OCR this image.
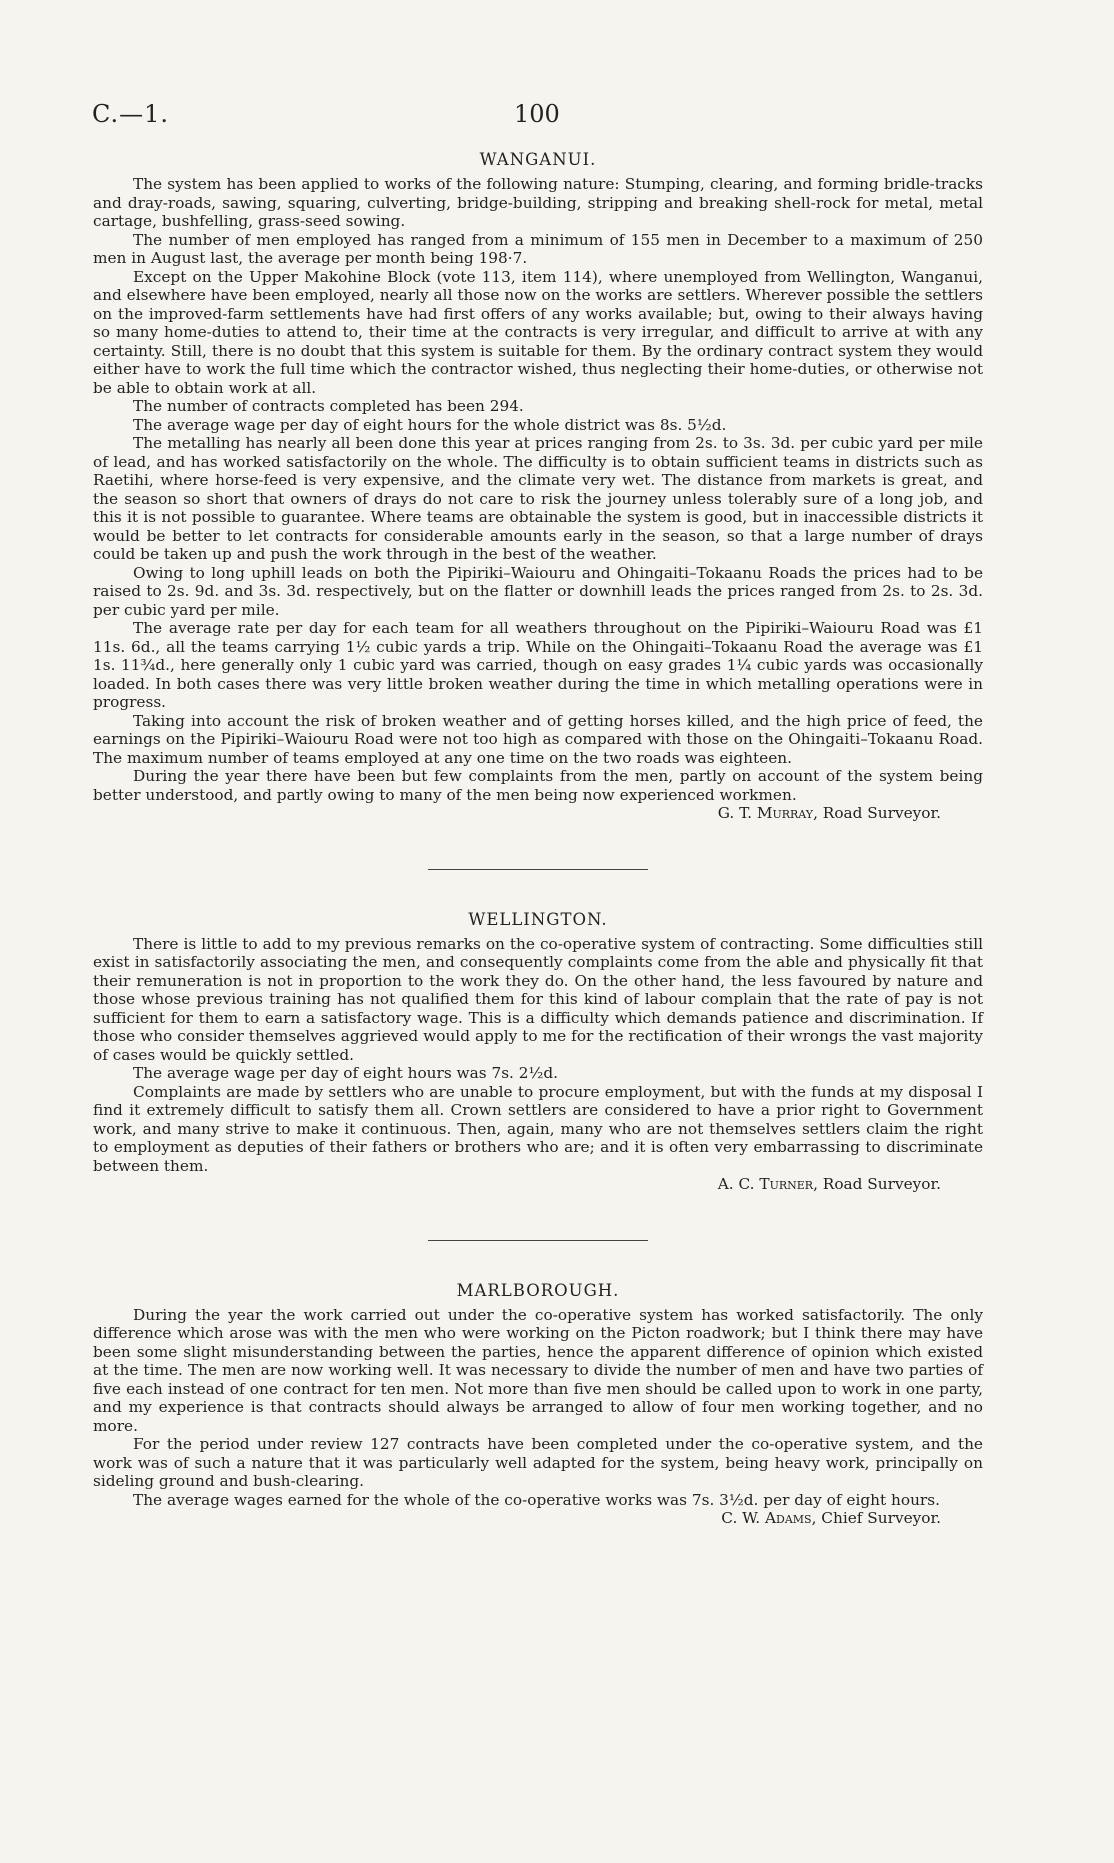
C.—1.	100
WANGANUI.

The system has been applied to works of the following nature: Stumping, clearing, and forming bridle-tracks and dray-roads, sawing, squaring, culverting, bridge-building, stripping and breaking shell-rock for metal, metal cartage, bushfelling, grass-seed sowing.

The number of men employed has ranged from a minimum of 155 men in December to a maximum of 250 men in August last, the average per month being 198·7.

Except on the Upper Makohine Block (vote 113, item 114), where unemployed from Wellington, Wanganui, and elsewhere have been employed, nearly all those now on the works are settlers. Wherever possible the settlers on the improved-farm settlements have had first offers of any works available; but, owing to their always having so many home-duties to attend to, their time at the contracts is very irregular, and difficult to arrive at with any certainty. Still, there is no doubt that this system is suitable for them. By the ordinary contract system they would either have to work the full time which the contractor wished, thus neglecting their home-duties, or otherwise not be able to obtain work at all.

The number of contracts completed has been 294.

The average wage per day of eight hours for the whole district was 8s. 5½d.

The metalling has nearly all been done this year at prices ranging from 2s. to 3s. 3d. per cubic yard per mile of lead, and has worked satisfactorily on the whole. The difficulty is to obtain sufficient teams in districts such as Raetihi, where horse-feed is very expensive, and the climate very wet. The distance from markets is great, and the season so short that owners of drays do not care to risk the journey unless tolerably sure of a long job, and this it is not possible to guarantee. Where teams are obtainable the system is good, but in inaccessible districts it would be better to let contracts for considerable amounts early in the season, so that a large number of drays could be taken up and push the work through in the best of the weather.

Owing to long uphill leads on both the Pipiriki–Waiouru and Ohingaiti–Tokaanu Roads the prices had to be raised to 2s. 9d. and 3s. 3d. respectively, but on the flatter or downhill leads the prices ranged from 2s. to 2s. 3d. per cubic yard per mile.

The average rate per day for each team for all weathers throughout on the Pipiriki–Waiouru Road was £1 11s. 6d., all the teams carrying 1½ cubic yards a trip. While on the Ohingaiti–Tokaanu Road the average was £1 1s. 11¾d., here generally only 1 cubic yard was carried, though on easy grades 1¼ cubic yards was occasionally loaded. In both cases there was very little broken weather during the time in which metalling operations were in progress.

Taking into account the risk of broken weather and of getting horses killed, and the high price of feed, the earnings on the Pipiriki–Waiouru Road were not too high as compared with those on the Ohingaiti–Tokaanu Road. The maximum number of teams employed at any one time on the two roads was eighteen.

During the year there have been but few complaints from the men, partly on account of the system being better understood, and partly owing to many of the men being now experienced workmen.

G. T. Murray, Road Surveyor.

WELLINGTON.

There is little to add to my previous remarks on the co-operative system of contracting. Some difficulties still exist in satisfactorily associating the men, and consequently complaints come from the able and physically fit that their remuneration is not in proportion to the work they do. On the other hand, the less favoured by nature and those whose previous training has not qualified them for this kind of labour complain that the rate of pay is not sufficient for them to earn a satisfactory wage. This is a difficulty which demands patience and discrimination. If those who consider themselves aggrieved would apply to me for the rectification of their wrongs the vast majority of cases would be quickly settled.

The average wage per day of eight hours was 7s. 2½d.

Complaints are made by settlers who are unable to procure employment, but with the funds at my disposal I find it extremely difficult to satisfy them all. Crown settlers are considered to have a prior right to Government work, and many strive to make it continuous. Then, again, many who are not themselves settlers claim the right to employment as deputies of their fathers or brothers who are; and it is often very embarrassing to discriminate between them.

A. C. Turner, Road Surveyor.

MARLBOROUGH.

During the year the work carried out under the co-operative system has worked satisfactorily. The only difference which arose was with the men who were working on the Picton roadwork; but I think there may have been some slight misunderstanding between the parties, hence the apparent difference of opinion which existed at the time. The men are now working well. It was necessary to divide the number of men and have two parties of five each instead of one contract for ten men. Not more than five men should be called upon to work in one party, and my experience is that contracts should always be arranged to allow of four men working together, and no more.

For the period under review 127 contracts have been completed under the co-operative system, and the work was of such a nature that it was particularly well adapted for the system, being heavy work, principally on sideling ground and bush-clearing.

The average wages earned for the whole of the co-operative works was 7s. 3½d. per day of eight hours.

C. W. Adams, Chief Surveyor.
